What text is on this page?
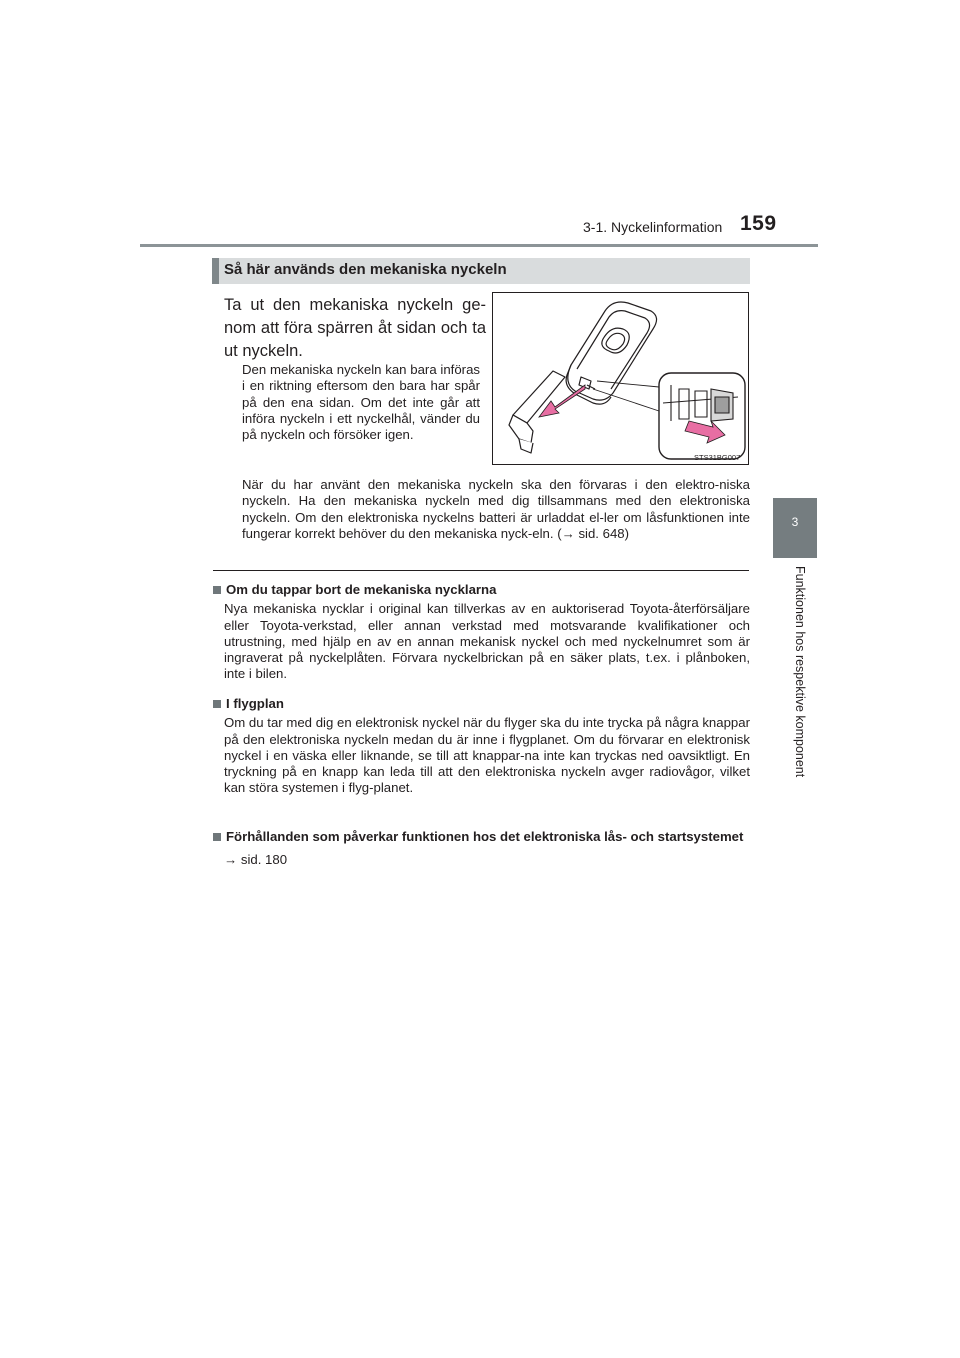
3-1. Nyckelinformation 159
3
Funktionen hos respektive komponent
Så här används den mekaniska nyckeln
Ta ut den mekaniska nyckeln ge-nom att föra spärren åt sidan och ta ut nyckeln.
Den mekaniska nyckeln kan bara införas i en riktning eftersom den bara har spår på den ena sidan. Om det inte går att införa nyckeln i ett nyckelhål, vänder du på nyckeln och försöker igen.
STS31BG007
När du har använt den mekaniska nyckeln ska den förvaras i den elektro-niska nyckeln. Ha den mekaniska nyckeln med dig tillsammans med den elektroniska nyckeln. Om den elektroniska nyckelns batteri är urladdat el-ler om låsfunktionen inte fungerar korrekt behöver du den mekaniska nyck-eln. (→ sid. 648)
Om du tappar bort de mekaniska nycklarna
Nya mekaniska nycklar i original kan tillverkas av en auktoriserad Toyota-återförsäljare eller Toyota-verkstad, eller annan verkstad med motsvarande kvalifikationer och utrustning, med hjälp en av en annan mekanisk nyckel och med nyckelnumret som är ingraverat på nyckelplåten. Förvara nyckelbrickan på en säker plats, t.ex. i plånboken, inte i bilen.
I flygplan
Om du tar med dig en elektronisk nyckel när du flyger ska du inte trycka på några knappar på den elektroniska nyckeln medan du är inne i flygplanet. Om du förvarar en elektronisk nyckel i en väska eller liknande, se till att knappar-na inte kan tryckas ned oavsiktligt. En tryckning på en knapp kan leda till att den elektroniska nyckeln avger radiovågor, vilket kan störa systemen i flyg-planet.
Förhållanden som påverkar funktionen hos det elektroniska lås- och startsystemet
→ sid. 180
